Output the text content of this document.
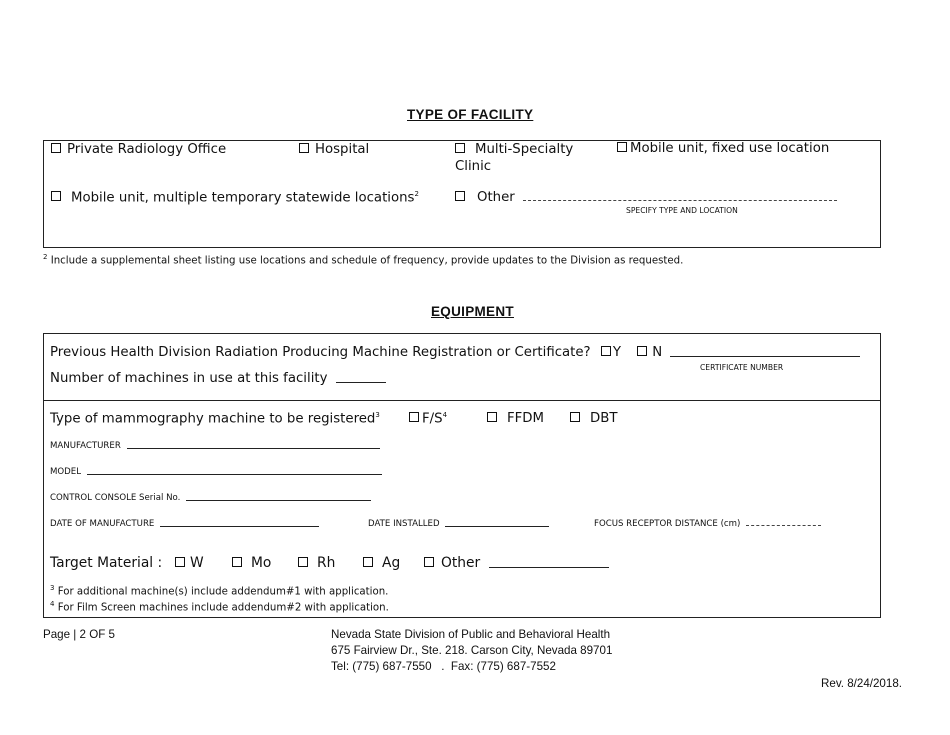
TYPE OF FACILITY
Private Radiology Office	Hospital	Multi-Specialty
Clinic
Mobile unit, fixed use location
Mobile unit, multiple temporary statewide locations$^2$	Other
SPECIFY TYPE AND LOCATION
$^2$ Include a supplemental sheet listing use locations and schedule of frequency, provide updates to the Division as requested.
EQUIPMENT
Previous Health Division Radiation Producing Machine Registration or Certificate? Y N
CERTIFICATE NUMBER
Number of machines in use at this facility
Type of mammography machine to be registered$^3$	$F/S^4$	FFDM	DBT
MANUFACTURER
MODEL
CONTROL CONSOLE Serial No.
DATE OF MANUFACTURE	DATE INSTALLED	FOCUS RECEPTOR DISTANCE (cm)
Target Material :	W	Mo	Rh	Ag	Other
$^3$ For additional machine(s) include addendum#1 with application.
$^4$ For Film Screen machines include addendum#2 with application.
Page | 2 OF 5	Nevada State Division of Public and Behavioral Health
675 Fairview Dr., Ste. 218. Carson City, Nevada 89701
Tel: (775) 687-7550   .  Fax: (775) 687-7552
Rev. 8/24/2018.
